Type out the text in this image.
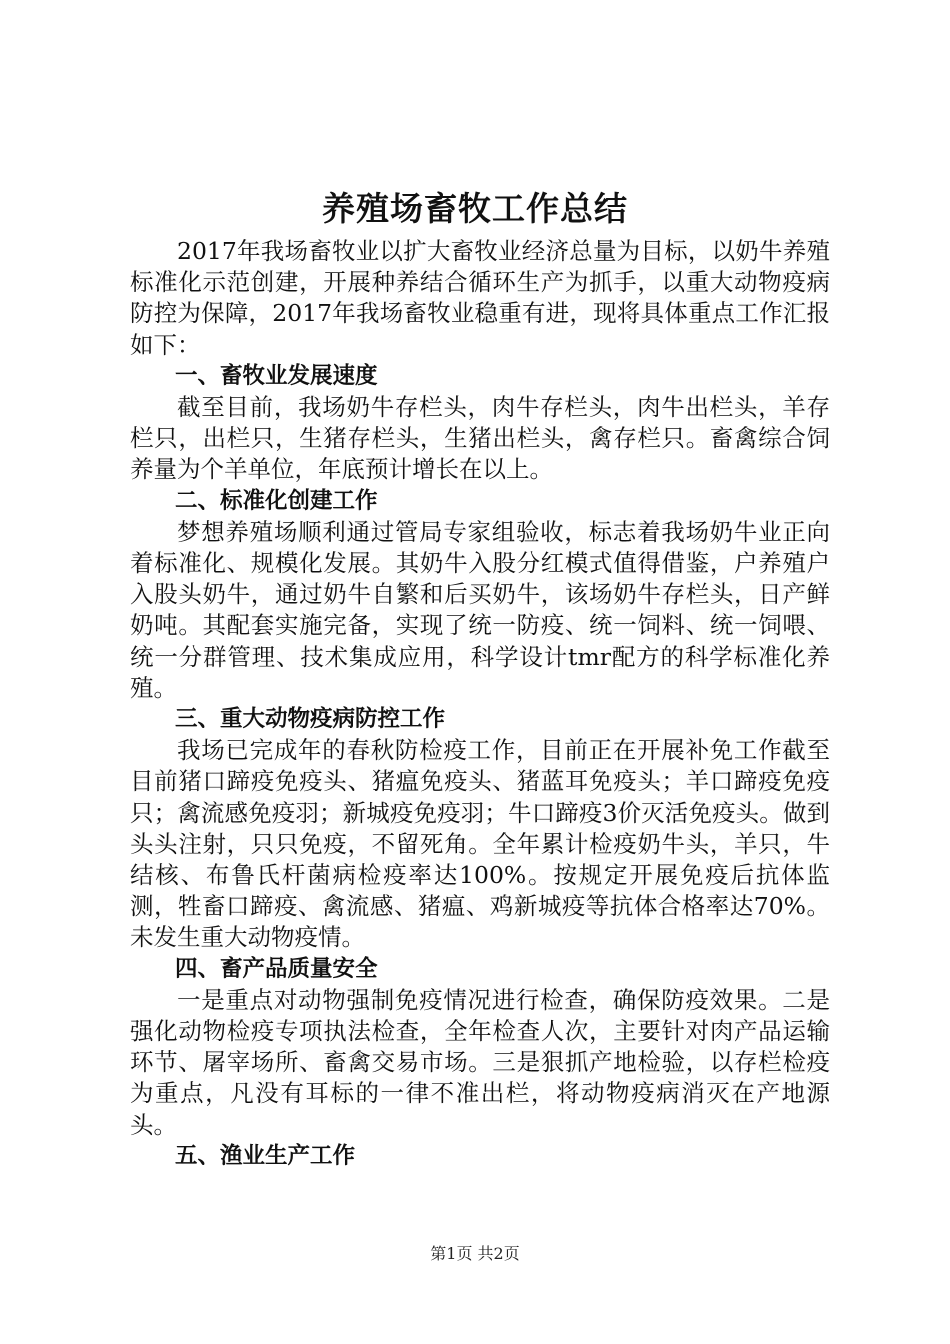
养殖场畜牧工作总结

2017年我场畜牧业以扩大畜牧业经济总量为目标，以奶牛养殖标准化示范创建，开展种养结合循环生产为抓手，以重大动物疫病防控为保障，2017年我场畜牧业稳重有进，现将具体重点工作汇报如下：

一、畜牧业发展速度

截至目前，我场奶牛存栏头，肉牛存栏头，肉牛出栏头，羊存栏只，出栏只，生猪存栏头，生猪出栏头，禽存栏只。畜禽综合饲养量为个羊单位，年底预计增长在以上。

二、标准化创建工作

梦想养殖场顺利通过管局专家组验收，标志着我场奶牛业正向着标准化、规模化发展。其奶牛入股分红模式值得借鉴，户养殖户入股头奶牛，通过奶牛自繁和后买奶牛，该场奶牛存栏头，日产鲜奶吨。其配套实施完备，实现了统一防疫、统一饲料、统一饲喂、统一分群管理、技术集成应用，科学设计tmr配方的科学标准化养殖。

三、重大动物疫病防控工作

我场已完成年的春秋防检疫工作，目前正在开展补免工作截至目前猪口蹄疫免疫头、猪瘟免疫头、猪蓝耳免疫头；羊口蹄疫免疫只；禽流感免疫羽；新城疫免疫羽；牛口蹄疫3价灭活免疫头。做到头头注射，只只免疫，不留死角。全年累计检疫奶牛头，羊只，牛结核、布鲁氏杆菌病检疫率达100%。按规定开展免疫后抗体监测，牲畜口蹄疫、禽流感、猪瘟、鸡新城疫等抗体合格率达70%。未发生重大动物疫情。

四、畜产品质量安全

一是重点对动物强制免疫情况进行检查，确保防疫效果。二是强化动物检疫专项执法检查，全年检查人次，主要针对肉产品运输环节、屠宰场所、畜禽交易市场。三是狠抓产地检验，以存栏检疫为重点，凡没有耳标的一律不准出栏，将动物疫病消灭在产地源头。

五、渔业生产工作
第1页 共2页
